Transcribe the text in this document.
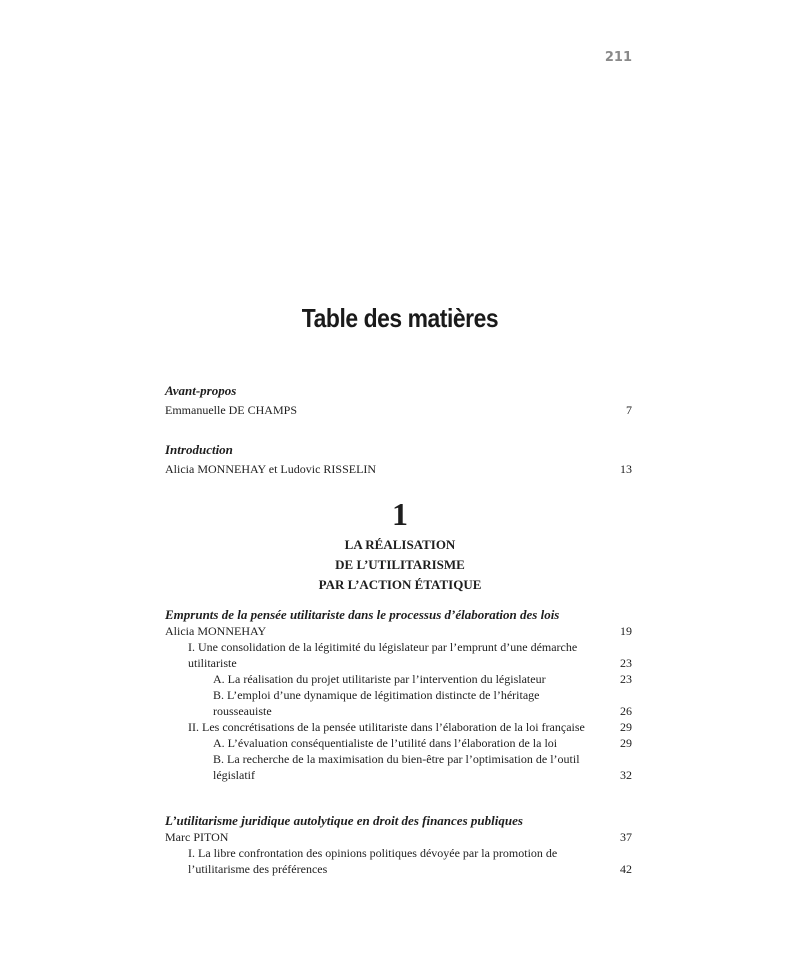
211
Table des matières
Avant-propos
Emmanuelle DE CHAMPS	7
Introduction
Alicia MONNEHAY et Ludovic RISSELIN	13
1
LA RÉALISATION
DE L’UTILITARISME
PAR L’ACTION ÉTATIQUE
Emprunts de la pensée utilitariste dans le processus d’élaboration des lois
Alicia MONNEHAY	19
I. Une consolidation de la légitimité du législateur par l’emprunt d’une démarche utilitariste	23
A. La réalisation du projet utilitariste par l’intervention du législateur	23
B. L’emploi d’une dynamique de légitimation distincte de l’héritage rousseauiste	26
II. Les concrétisations de la pensée utilitariste dans l’élaboration de la loi française	29
A. L’évaluation conséquentialiste de l’utilité dans l’élaboration de la loi	29
B. La recherche de la maximisation du bien-être par l’optimisation de l’outil législatif	32
L’utilitarisme juridique autolytique en droit des finances publiques
Marc PITON	37
I. La libre confrontation des opinions politiques dévoyée par la promotion de l’utilitarisme des préférences	42
